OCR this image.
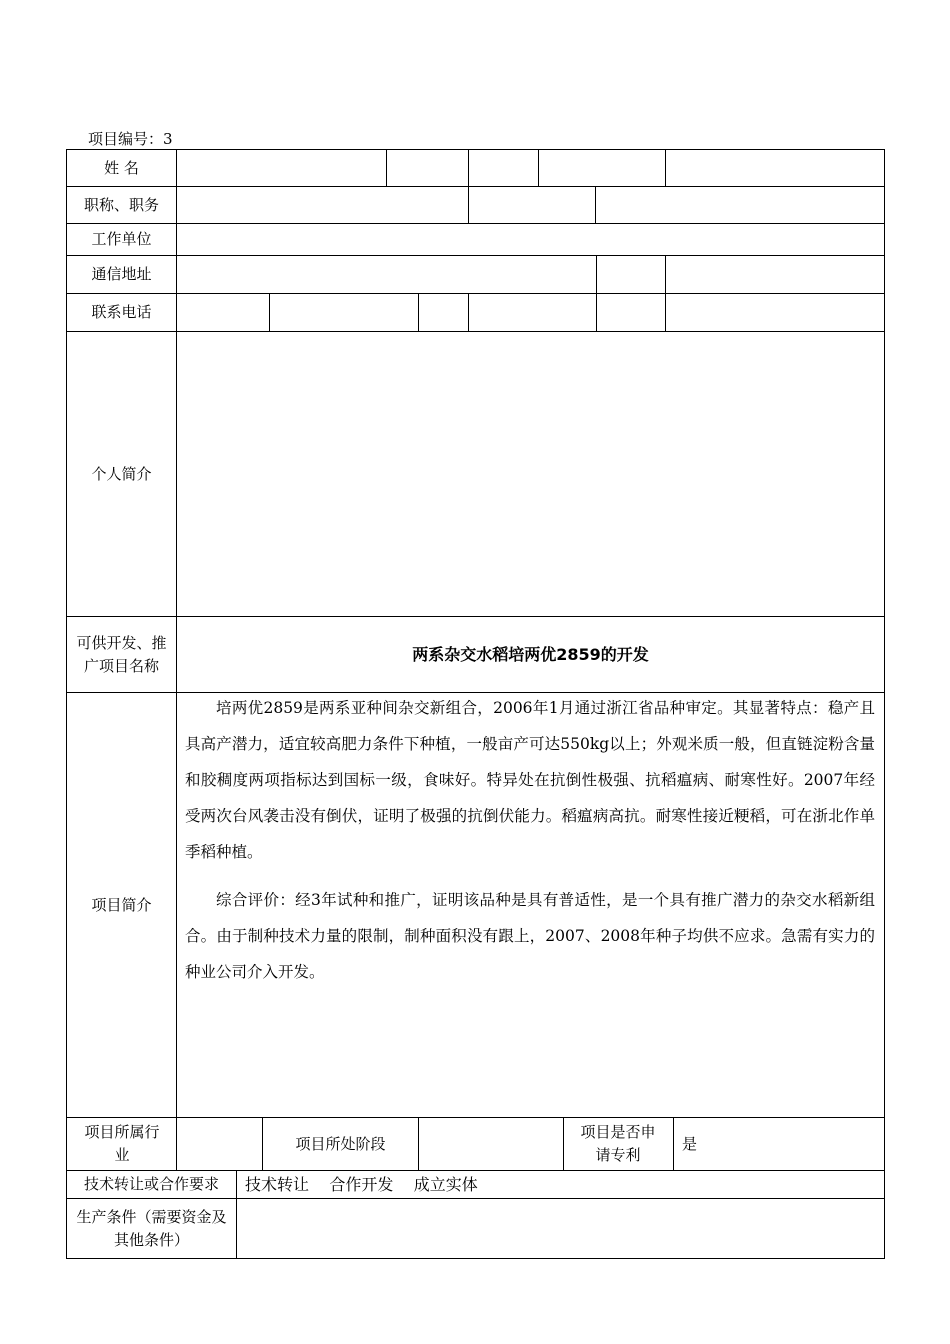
项目编号：3
姓 名
职称、职务
工作单位
通信地址
联系电话
个人简介
可供开发、推广项目名称
项目简介
项目所属行业
项目所处阶段
项目是否申请专利
技术转让或合作要求
生产条件（需要资金及其他条件）
两系杂交水稻培两优2859的开发

培两优2859是两系亚种间杂交新组合，2006年1月通过浙江省品种审定。其显著特点：稳产且具高产潜力，适宜较高肥力条件下种植，一般亩产可达550kg以上；外观米质一般，但直链淀粉含量和胶稠度两项指标达到国标一级，食味好。特异处在抗倒性极强、抗稻瘟病、耐寒性好。2007年经受两次台风袭击没有倒伏，证明了极强的抗倒伏能力。稻瘟病高抗。耐寒性接近粳稻，可在浙北作单季稻种植。

综合评价：经3年试种和推广，证明该品种是具有普适性，是一个具有推广潜力的杂交水稻新组合。由于制种技术力量的限制，制种面积没有跟上，2007、2008年种子均供不应求。急需有实力的种业公司介入开发。

是
技术转让    合作开发    成立实体
